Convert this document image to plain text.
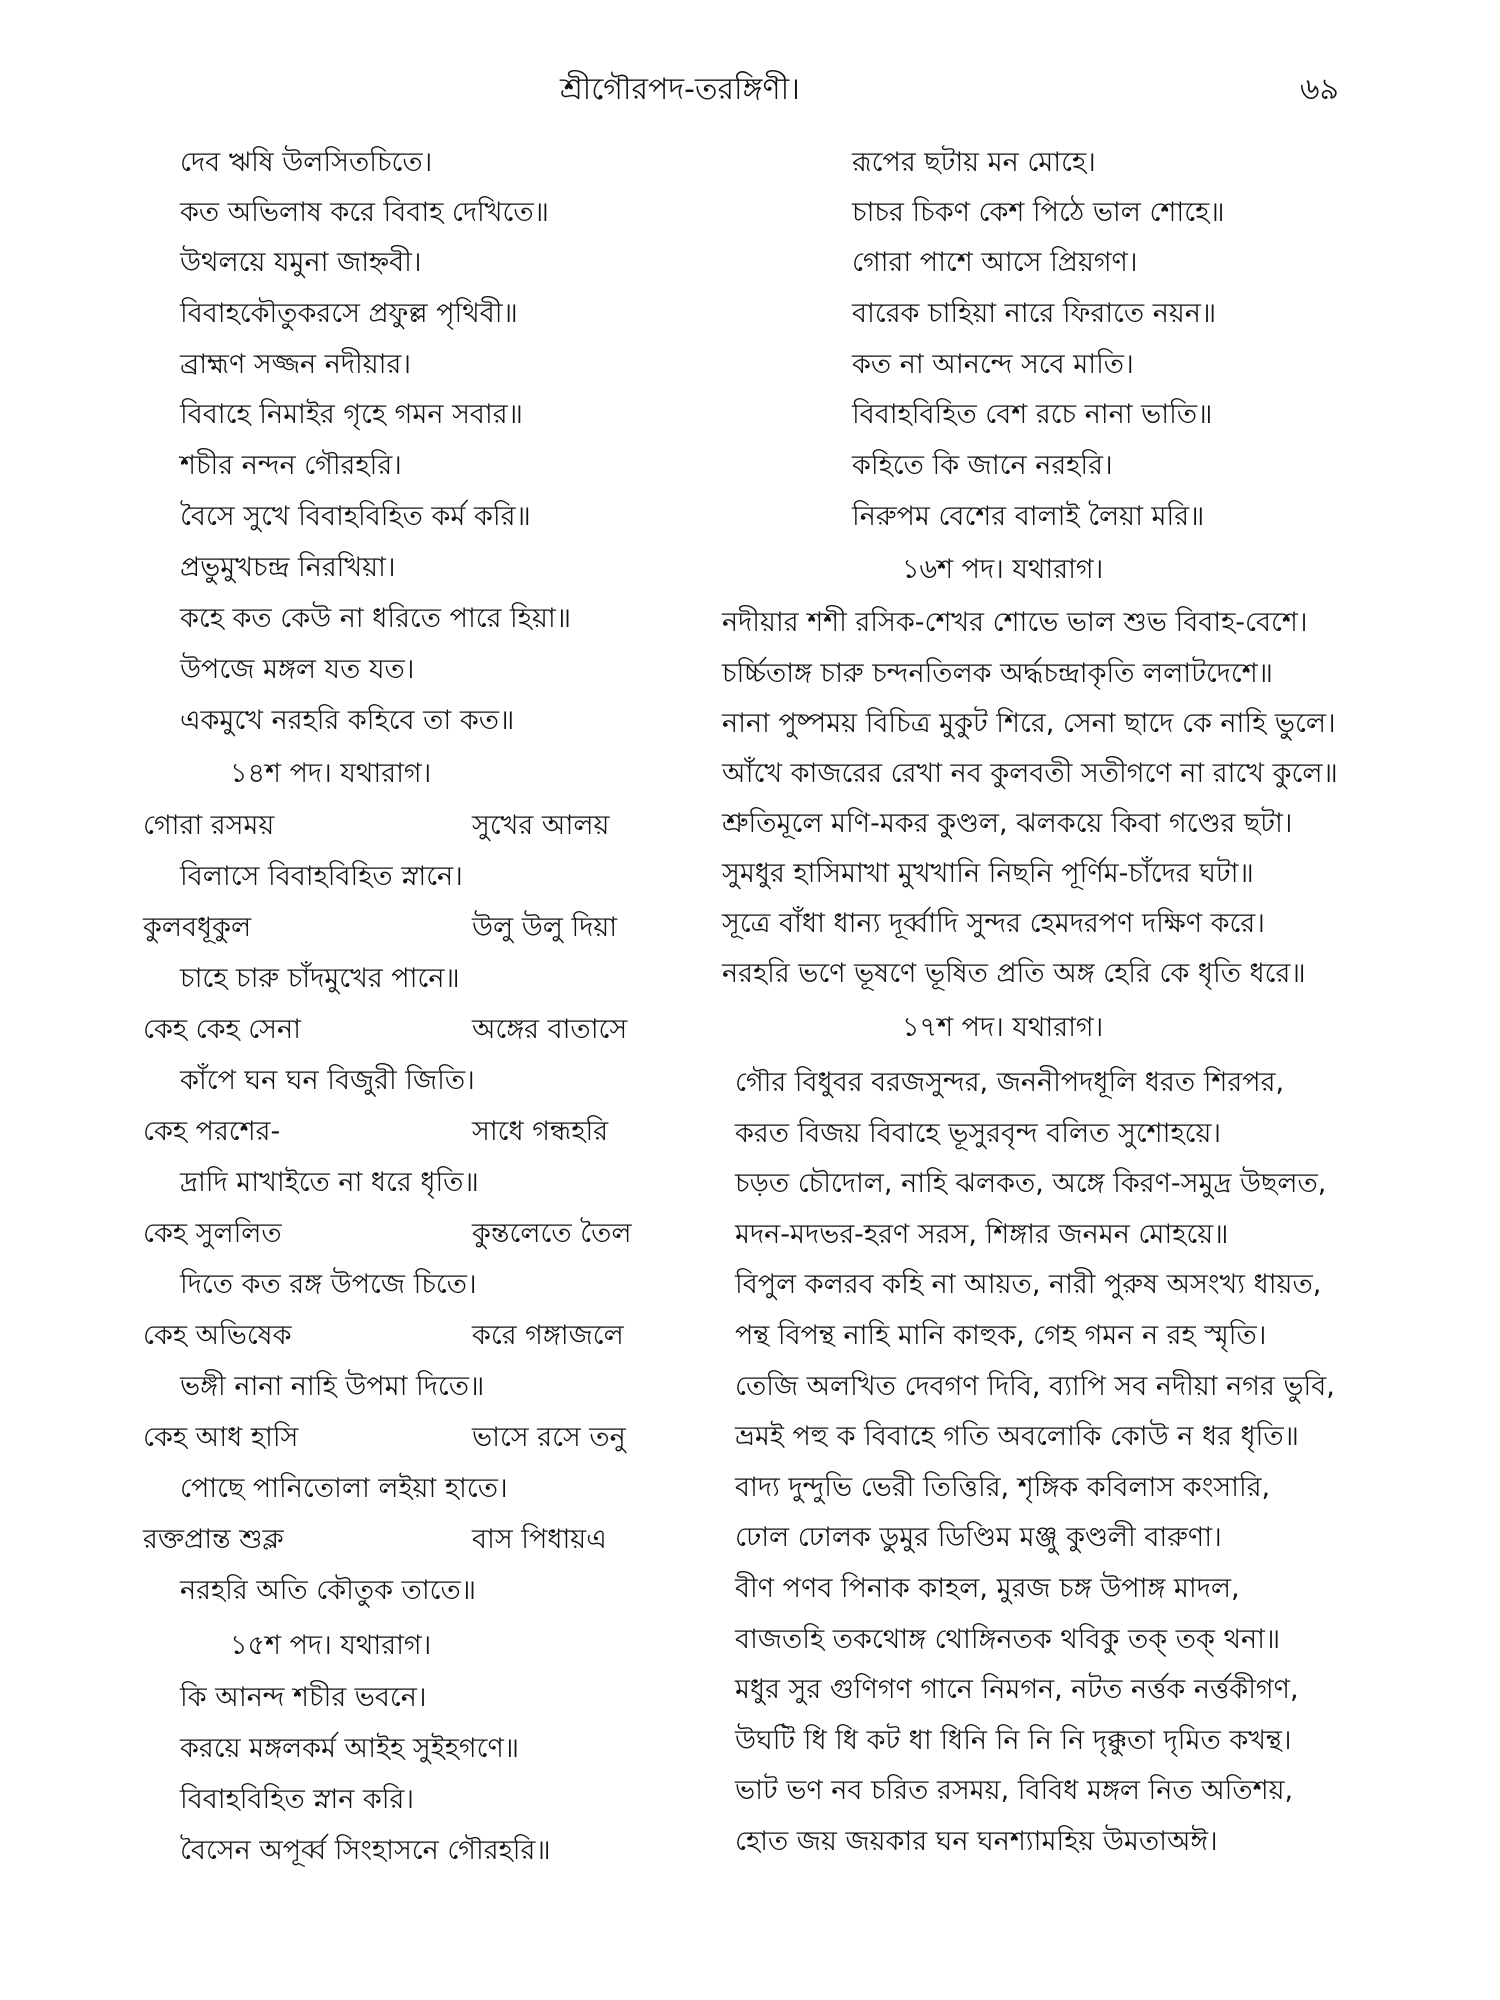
শ্রীগৌরপদ-তরঙ্গিণী।	৬৯
দেব ঋষি উলসিতচিতে।
কত অভিলাষ করে বিবাহ দেখিতে॥
উথলয়ে যমুনা জাহ্নবী।
বিবাহকৌতুকরসে প্রফুল্ল পৃথিবী॥
ব্রাহ্মণ সজ্জন নদীয়ার।
বিবাহে নিমাইর গৃহে গমন সবার॥
শচীর নন্দন গৌরহরি।
বৈসে সুখে বিবাহবিহিত কর্ম করি॥
প্রভুমুখচন্দ্র নিরখিয়া।
কহে কত কেউ না ধরিতে পারে হিয়া॥
উপজে মঙ্গল যত যত।
একমুখে নরহরি কহিবে তা কত॥
১৪শ পদ। যথারাগ।
গোরা রসময়	সুখের আলয়
বিলাসে বিবাহবিহিত স্নানে।
কুলবধূকুল	উলু উলু দিয়া
চাহে চারু চাঁদমুখের পানে॥
কেহ কেহ সেনা	অঙ্গের বাতাসে
কাঁপে ঘন ঘন বিজুরী জিতি।
কেহ পরশের-	সাধে গন্ধহরি
দ্রাদি মাখাইতে না ধরে ধৃতি॥
কেহ সুললিত	কুন্তলেতে তৈল
দিতে কত রঙ্গ উপজে চিতে।
কেহ অভিষেক	করে গঙ্গাজলে
ভঙ্গী নানা নাহি উপমা দিতে॥
কেহ আধ হাসি	ভাসে রসে তনু
পোছে পানিতোলা লইয়া হাতে।
রক্তপ্রান্ত শুক্ল	বাস পিধায়এ
নরহরি অতি কৌতুক তাতে॥
১৫শ পদ। যথারাগ।
কি আনন্দ শচীর ভবনে।
করয়ে মঙ্গলকর্ম আইহ সুইহগণে॥
বিবাহবিহিত স্নান করি।
বৈসেন অপূর্ব্ব সিংহাসনে গৌরহরি॥
রূপের ছটায় মন মোহে।
চাচর চিকণ কেশ পিঠে ভাল শোহে॥
গোরা পাশে আসে প্রিয়গণ।
বারেক চাহিয়া নারে ফিরাতে নয়ন॥
কত না আনন্দে সবে মাতি।
বিবাহবিহিত বেশ রচে নানা ভাতি॥
কহিতে কি জানে নরহরি।
নিরুপম বেশের বালাই লৈয়া মরি॥
১৬শ পদ। যথারাগ।
নদীয়ার শশী রসিক-শেখর শোভে ভাল শুভ বিবাহ-বেশে।
চর্চ্চিতাঙ্গ চারু চন্দনতিলক অর্দ্ধচন্দ্রাকৃতি ললাটদেশে॥
নানা পুষ্পময় বিচিত্র মুকুট শিরে, সেনা ছাদে কে নাহি ভুলে।
আঁখে কাজরের রেখা নব কুলবতী সতীগণে না রাখে কুলে॥
শ্রুতিমূলে মণি-মকর কুণ্ডল, ঝলকয়ে কিবা গণ্ডের ছটা।
সুমধুর হাসিমাখা মুখখানি নিছনি পূর্ণিম-চাঁদের ঘটা॥
সূত্রে বাঁধা ধান্য দূর্ব্বাদি সুন্দর হেমদরপণ দক্ষিণ করে।
নরহরি ভণে ভূষণে ভূষিত প্রতি অঙ্গ হেরি কে ধৃতি ধরে॥
১৭শ পদ। যথারাগ।
গৌর বিধুবর বরজসুন্দর, জননীপদধূলি ধরত শিরপর,
করত বিজয় বিবাহে ভূসুরবৃন্দ বলিত সুশোহয়ে।
চড়ত চৌদোল, নাহি ঝলকত, অঙ্গে কিরণ-সমুদ্র উছলত,
মদন-মদভর-হরণ সরস, শিঙ্গার জনমন মোহয়ে॥
বিপুল কলরব কহি না আয়ত, নারী পুরুষ অসংখ্য ধায়ত,
পন্থ বিপন্থ নাহি মানি কাহুক, গেহ গমন ন রহ স্মৃতি।
তেজি অলখিত দেবগণ দিবি, ব্যাপি সব নদীয়া নগর ভুবি,
ভ্রমই পহু ক বিবাহে গতি অবলোকি কোউ ন ধর ধৃতি॥
বাদ্য দুন্দুভি ভেরী তিত্তিরি, শৃঙ্গিক কবিলাস কংসারি,
ঢোল ঢোলক ডুমুর ডিণ্ডিম মঞ্জু কুণ্ডলী বারুণা।
বীণ পণব পিনাক কাহল, মুরজ চঙ্গ উপাঙ্গ মাদল,
বাজতহি তকথোঙ্গ থোঙ্গিনতক থবিকু তক্ তক্ থনা॥
মধুর সুর গুণিগণ গানে নিমগন, নটত নর্ত্তক নর্ত্তকীগণ,
উঘটি ধি ধি কট ধা ধিনি নি নি নি দৃক্কুতা দৃমিত কখন্থ।
ভাট ভণ নব চরিত রসময়, বিবিধ মঙ্গল নিত অতিশয়,
হোত জয় জয়কার ঘন ঘনশ্যামহিয় উমতাঅঈ।
